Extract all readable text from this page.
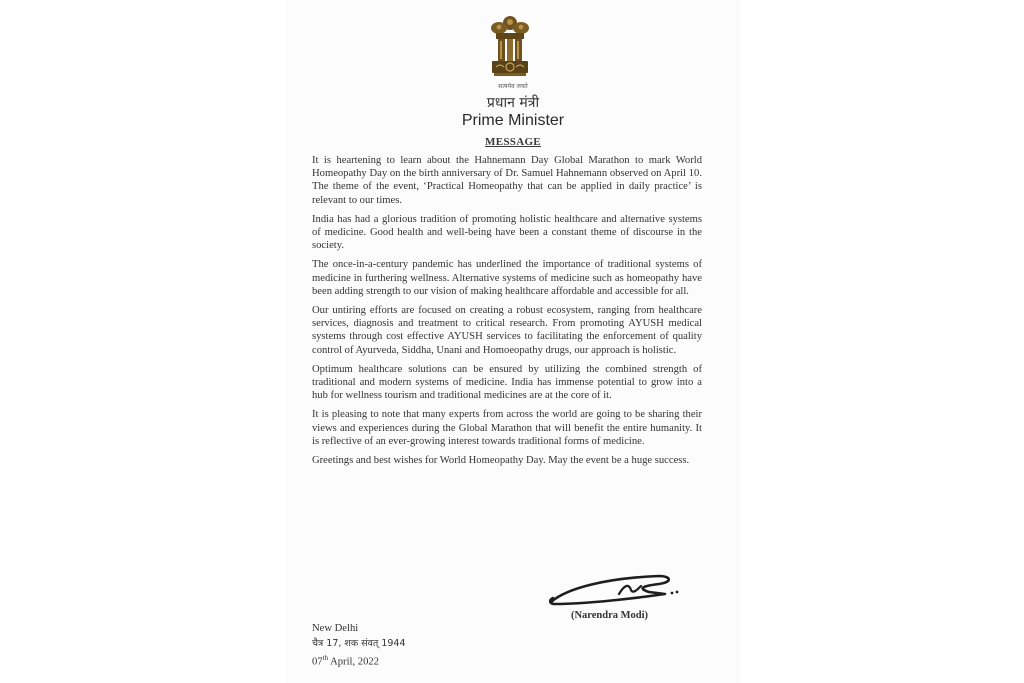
सत्यमेव जयते
प्रधान मंत्री
Prime Minister
MESSAGE

It is heartening to learn about the Hahnemann Day Global Marathon to mark World Homeopathy Day on the birth anniversary of Dr. Samuel Hahnemann observed on April 10. The theme of the event, ‘Practical Homeopathy that can be applied in daily practice’ is relevant to our times.

India has had a glorious tradition of promoting holistic healthcare and alternative systems of medicine. Good health and well-being have been a constant theme of discourse in the society.

The once-in-a-century pandemic has underlined the importance of traditional systems of medicine in furthering wellness. Alternative systems of medicine such as homeopathy have been adding strength to our vision of making healthcare affordable and accessible for all.

Our untiring efforts are focused on creating a robust ecosystem, ranging from healthcare services, diagnosis and treatment to critical research. From promoting AYUSH medical systems through cost effective AYUSH services to facilitating the enforcement of quality control of Ayurveda, Siddha, Unani and Homoeopathy drugs, our approach is holistic.

Optimum healthcare solutions can be ensured by utilizing the combined strength of traditional and modern systems of medicine. India has immense potential to grow into a hub for wellness tourism and traditional medicines are at the core of it.

It is pleasing to note that many experts from across the world are going to be sharing their views and experiences during the Global Marathon that will benefit the entire humanity. It is reflective of an ever-growing interest towards traditional forms of medicine.

Greetings and best wishes for World Homeopathy Day. May the event be a huge success.

(Narendra Modi)
New Delhi
चैत्र 17, शक संवत् 1944
07th April, 2022
